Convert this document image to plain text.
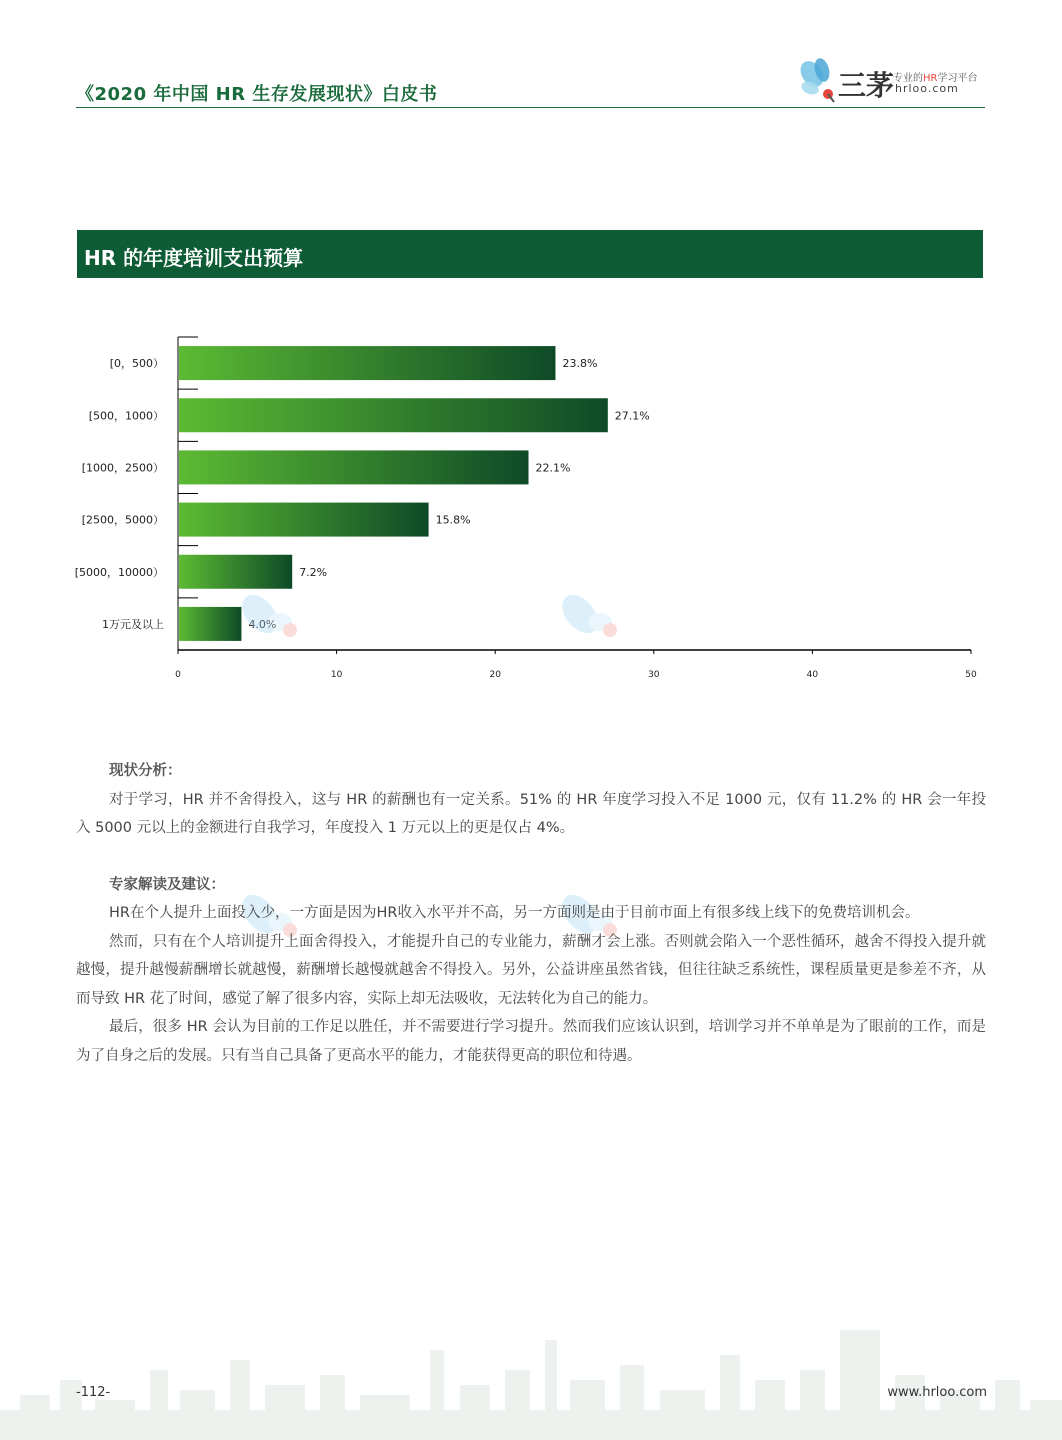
《2020 年中国 HR 生存发展现状》白皮书	三茅
专业的HR学习平台
hrloo.com
HR 的年度培训支出预算
[0，500）	23.8%
[500，1000）	27.1%
[1000，2500）	22.1%
[2500，5000）	15.8%
[5000，10000）	7.2%
1万元及以上	4.0%
0	10	20	30	40	50
现状分析：

对于学习，HR 并不舍得投入，这与 HR 的薪酬也有一定关系。51% 的 HR 年度学习投入不足 1000 元，仅有 11.2% 的 HR 会一年投入 5000 元以上的金额进行自我学习，年度投入 1 万元以上的更是仅占 4%。

专家解读及建议：

HR在个人提升上面投入少，一方面是因为HR收入水平并不高，另一方面则是由于目前市面上有很多线上线下的免费培训机会。

然而，只有在个人培训提升上面舍得投入，才能提升自己的专业能力，薪酬才会上涨。否则就会陷入一个恶性循环，越舍不得投入提升就越慢，提升越慢薪酬增长就越慢，薪酬增长越慢就越舍不得投入。另外，公益讲座虽然省钱，但往往缺乏系统性，课程质量更是参差不齐，从而导致 HR 花了时间，感觉了解了很多内容，实际上却无法吸收，无法转化为自己的能力。

最后，很多 HR 会认为目前的工作足以胜任，并不需要进行学习提升。然而我们应该认识到，培训学习并不单单是为了眼前的工作，而是为了自身之后的发展。只有当自己具备了更高水平的能力，才能获得更高的职位和待遇。

-112-	www.hrloo.com
